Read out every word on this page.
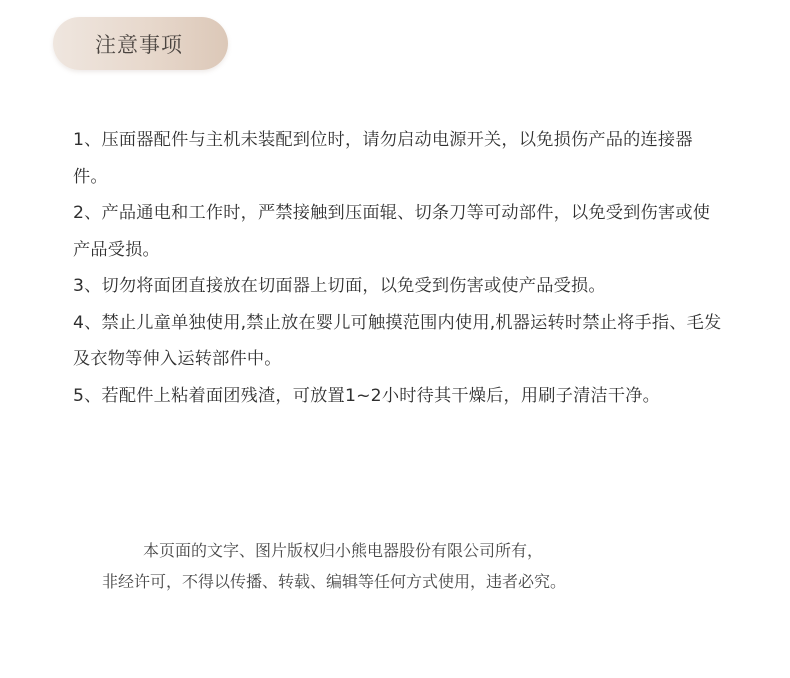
注意事项
1、压面器配件与主机未装配到位时，请勿启动电源开关，以免损伤产品的连接器件。
2、产品通电和工作时，严禁接触到压面辊、切条刀等可动部件，以免受到伤害或使产品受损。
3、切勿将面团直接放在切面器上切面，以免受到伤害或使产品受损。
4、禁止儿童单独使用,禁止放在婴儿可触摸范围内使用,机器运转时禁止将手指、毛发及衣物等伸入运转部件中。
5、若配件上粘着面团残渣，可放置1~2小时待其干燥后，用刷子清洁干净。
本页面的文字、图片版权归小熊电器股份有限公司所有，
非经许可，不得以传播、转载、编辑等任何方式使用，违者必究。
